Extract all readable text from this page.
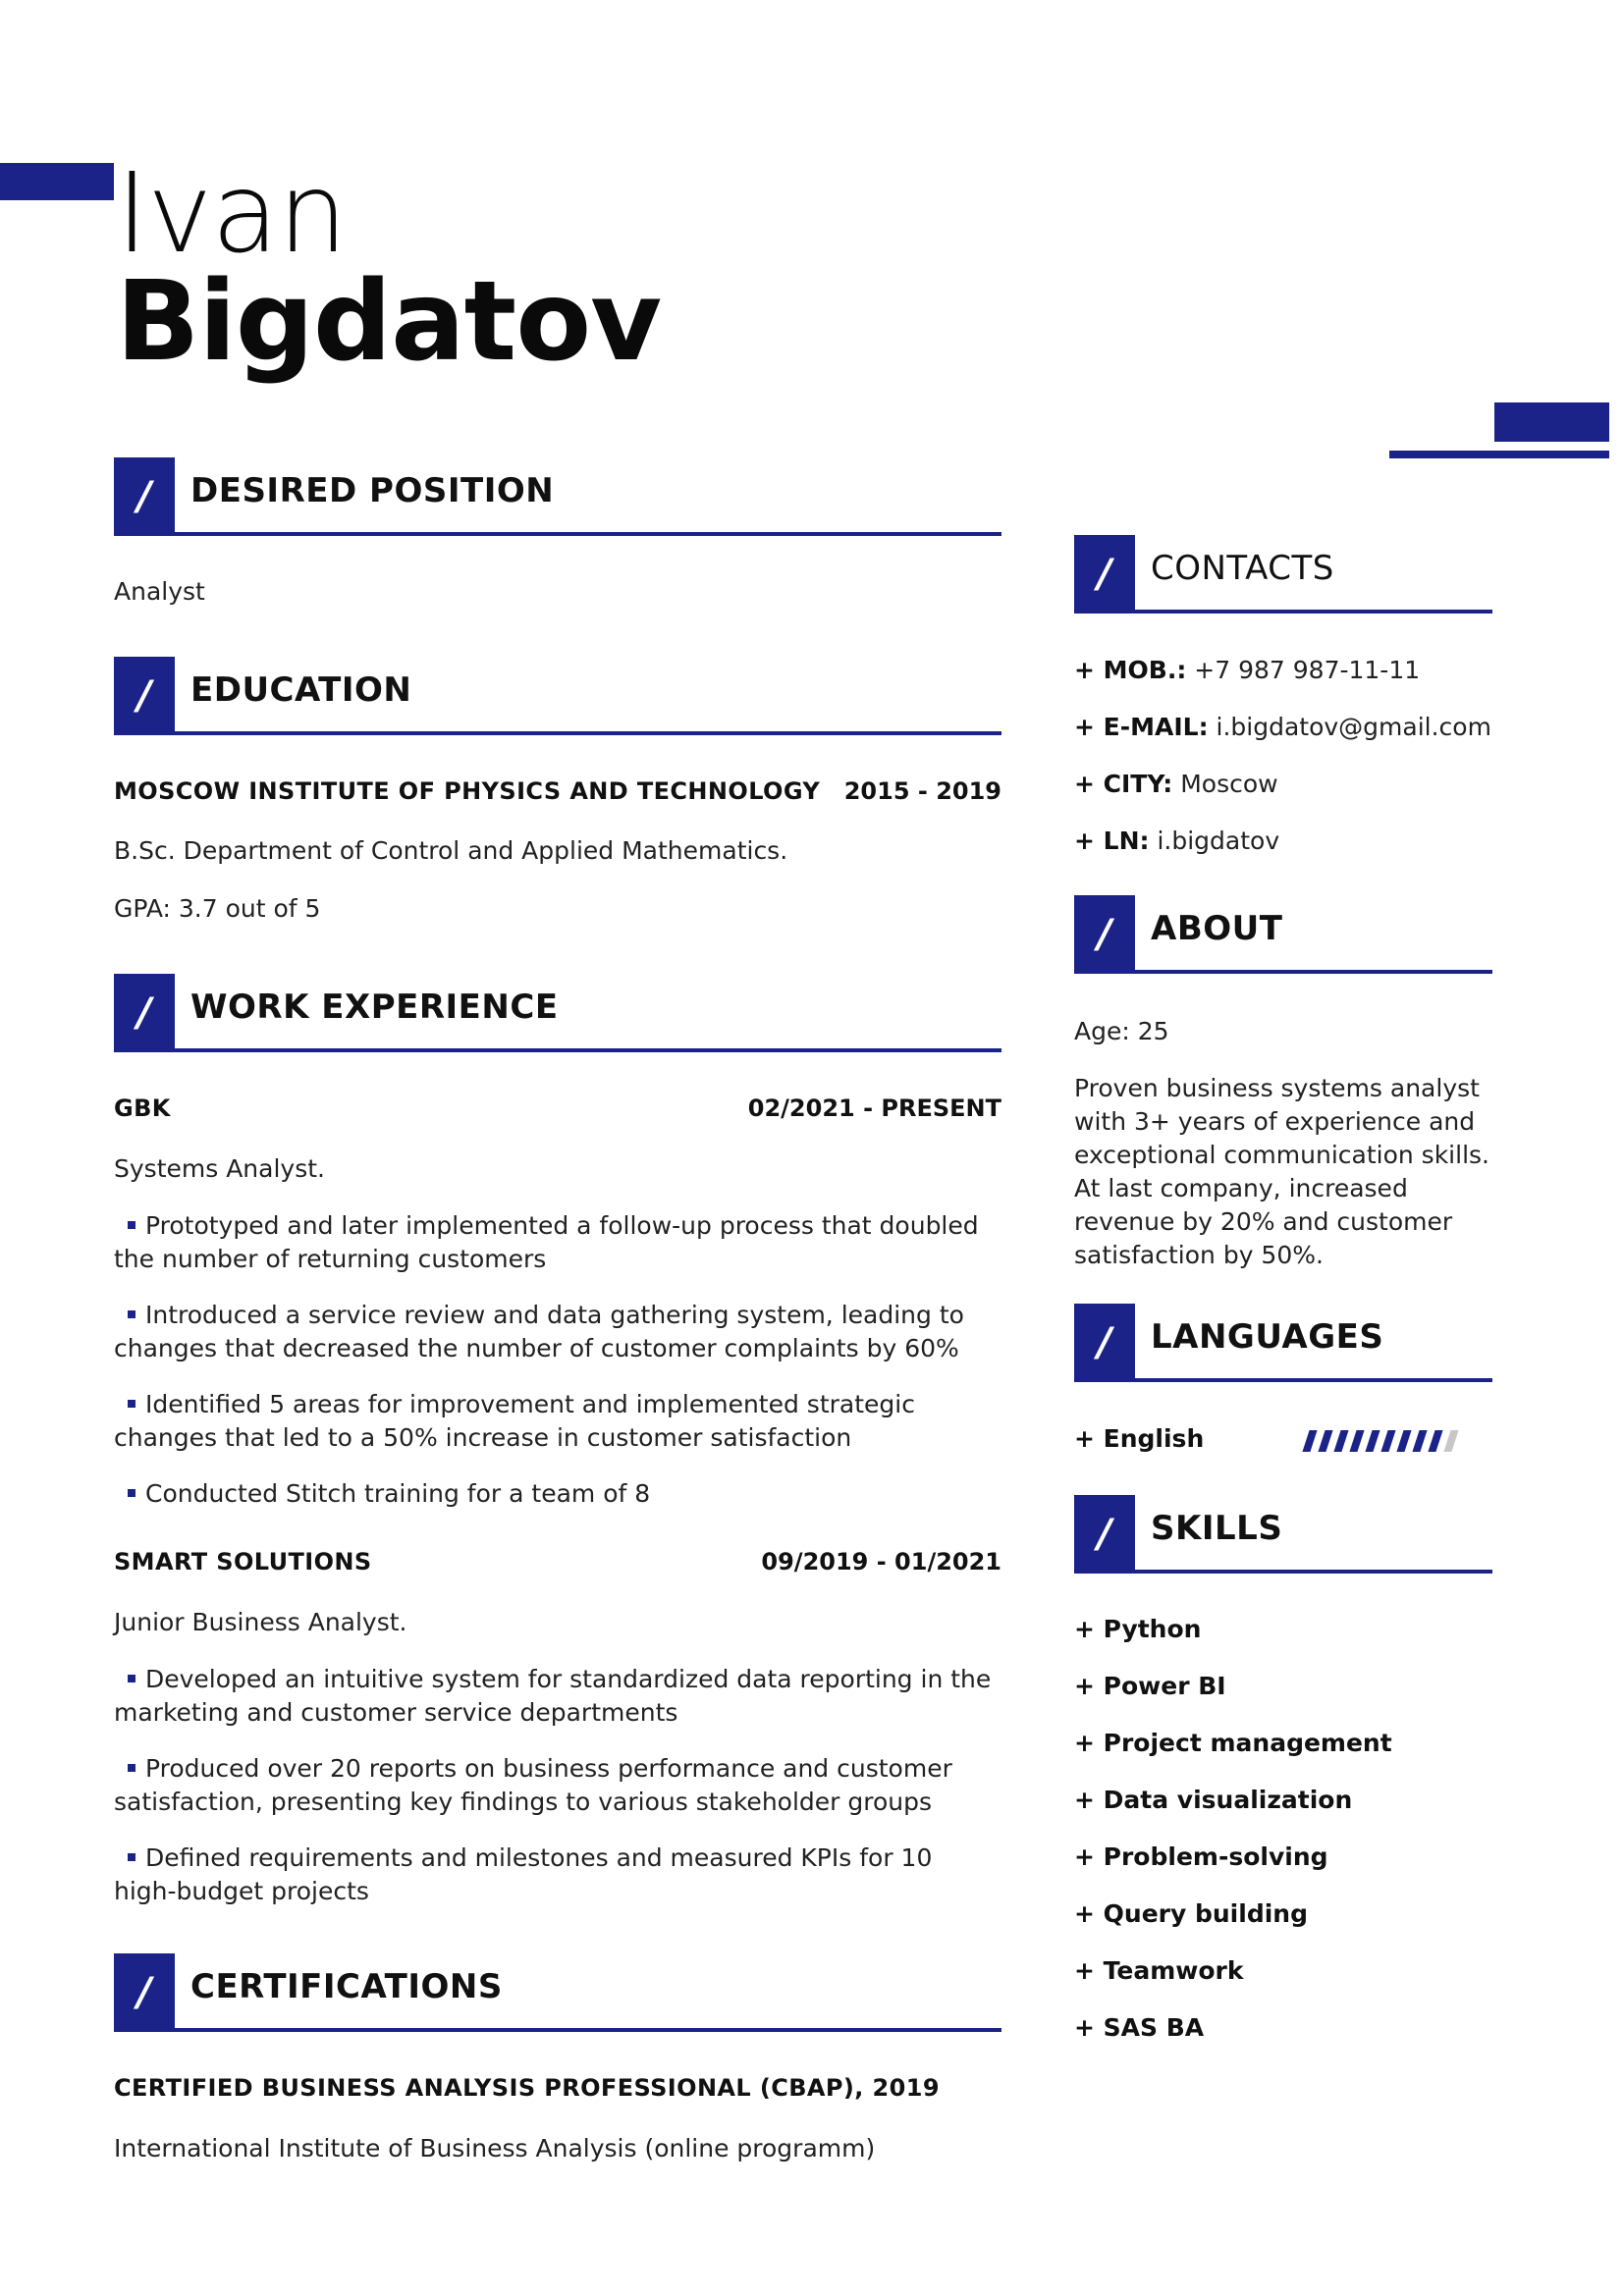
Ivan
Bigdatov
/	DESIRED POSITION
Analyst
/	EDUCATION
MOSCOW INSTITUTE OF PHYSICS AND TECHNOLOGY 2015 - 2019
B.Sc. Department of Control and Applied Mathematics.
GPA: 3.7 out of 5
/	WORK EXPERIENCE
GBK	02/2021 - PRESENT
Systems Analyst.
Prototyped and later implemented a follow-up process that doubled the number of returning customers
Introduced a service review and data gathering system, leading to changes that decreased the number of customer complaints by 60%
Identified 5 areas for improvement and implemented strategic changes that led to a 50% increase in customer satisfaction
Conducted Stitch training for a team of 8
SMART SOLUTIONS	09/2019 - 01/2021
Junior Business Analyst.
Developed an intuitive system for standardized data reporting in the marketing and customer service departments
Produced over 20 reports on business performance and customer satisfaction, presenting key findings to various stakeholder groups
Defined requirements and milestones and measured KPIs for 10 high-budget projects
/	CERTIFICATIONS
CERTIFIED BUSINESS ANALYSIS PROFESSIONAL (CBAP), 2019
International Institute of Business Analysis (online programm)
/	CONTACTS
+ MOB.: +7 987 987-11-11
+ E-MAIL: i.bigdatov@gmail.com
+ CITY: Moscow
+ LN: i.bigdatov
/	ABOUT
Age: 25
Proven business systems analyst with 3+ years of experience and exceptional communication skills. At last company, increased revenue by 20% and customer satisfaction by 50%.
/	LANGUAGES
+ English
/	SKILLS
+ Python
+ Power BI
+ Project management
+ Data visualization
+ Problem-solving
+ Query building
+ Teamwork
+ SAS BA
